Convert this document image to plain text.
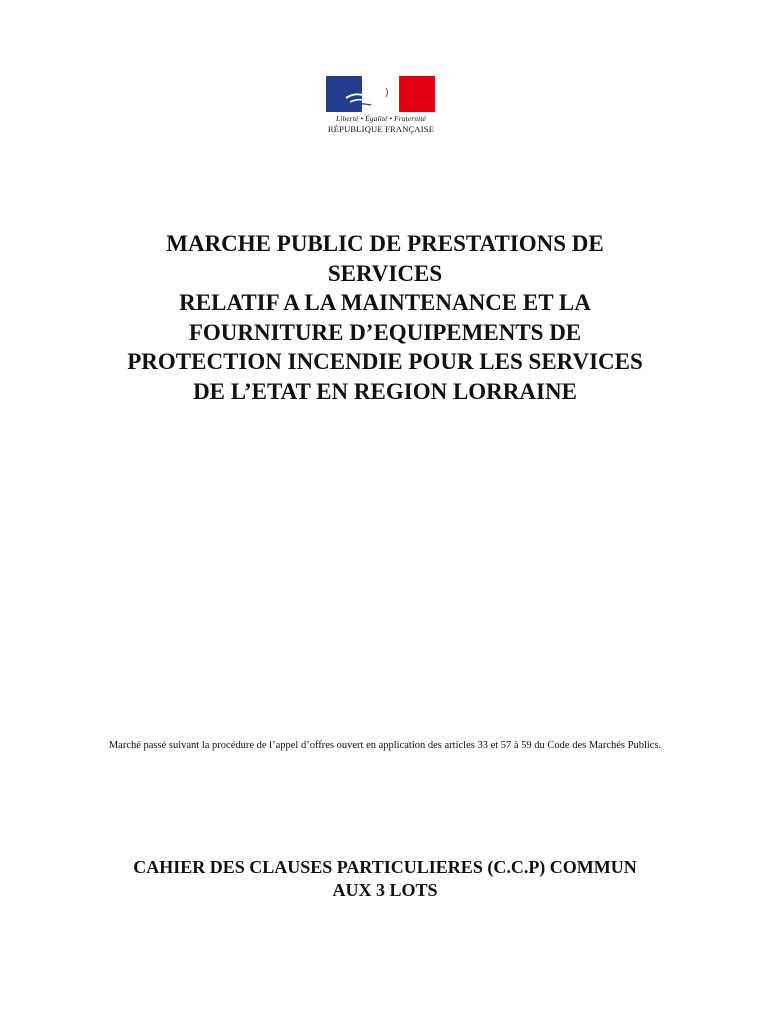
Liberté • Égalité • Fraternité
RÉPUBLIQUE FRANÇAISE
MARCHE PUBLIC DE PRESTATIONS DE
SERVICES
RELATIF A LA MAINTENANCE ET LA
FOURNITURE D’EQUIPEMENTS DE
PROTECTION INCENDIE POUR LES SERVICES
DE L’ETAT EN REGION LORRAINE

Marché passé suivant la procédure de l’appel d’offres ouvert en application des articles 33 et 57 à 59 du Code des Marchés Publics.

CAHIER DES CLAUSES PARTICULIERES (C.C.P) COMMUN
AUX 3 LOTS
